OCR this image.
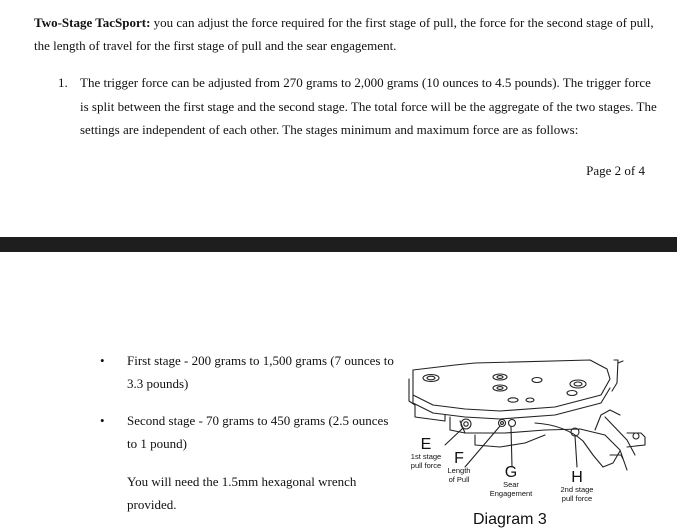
Two-Stage TacSport: you can adjust the force required for the first stage of pull, the force for the second stage of pull, the length of travel for the first stage of pull and the sear engagement.
1. The trigger force can be adjusted from 270 grams to 2,000 grams (10 ounces to 4.5 pounds). The trigger force is split between the first stage and the second stage. The total force will be the aggregate of the two stages. The settings are independent of each other. The stages minimum and maximum force are as follows:
Page 2 of 4
• First stage - 200 grams to 1,500 grams (7 ounces to 3.3 pounds)
• Second stage - 70 grams to 450 grams (2.5 ounces to 1 pound)
You will need the 1.5mm hexagonal wrench provided.
E
1st stage
pull force F
Length
of Pull	G
Sear
Engagement
H
2nd stage
pull force
Diagram 3
